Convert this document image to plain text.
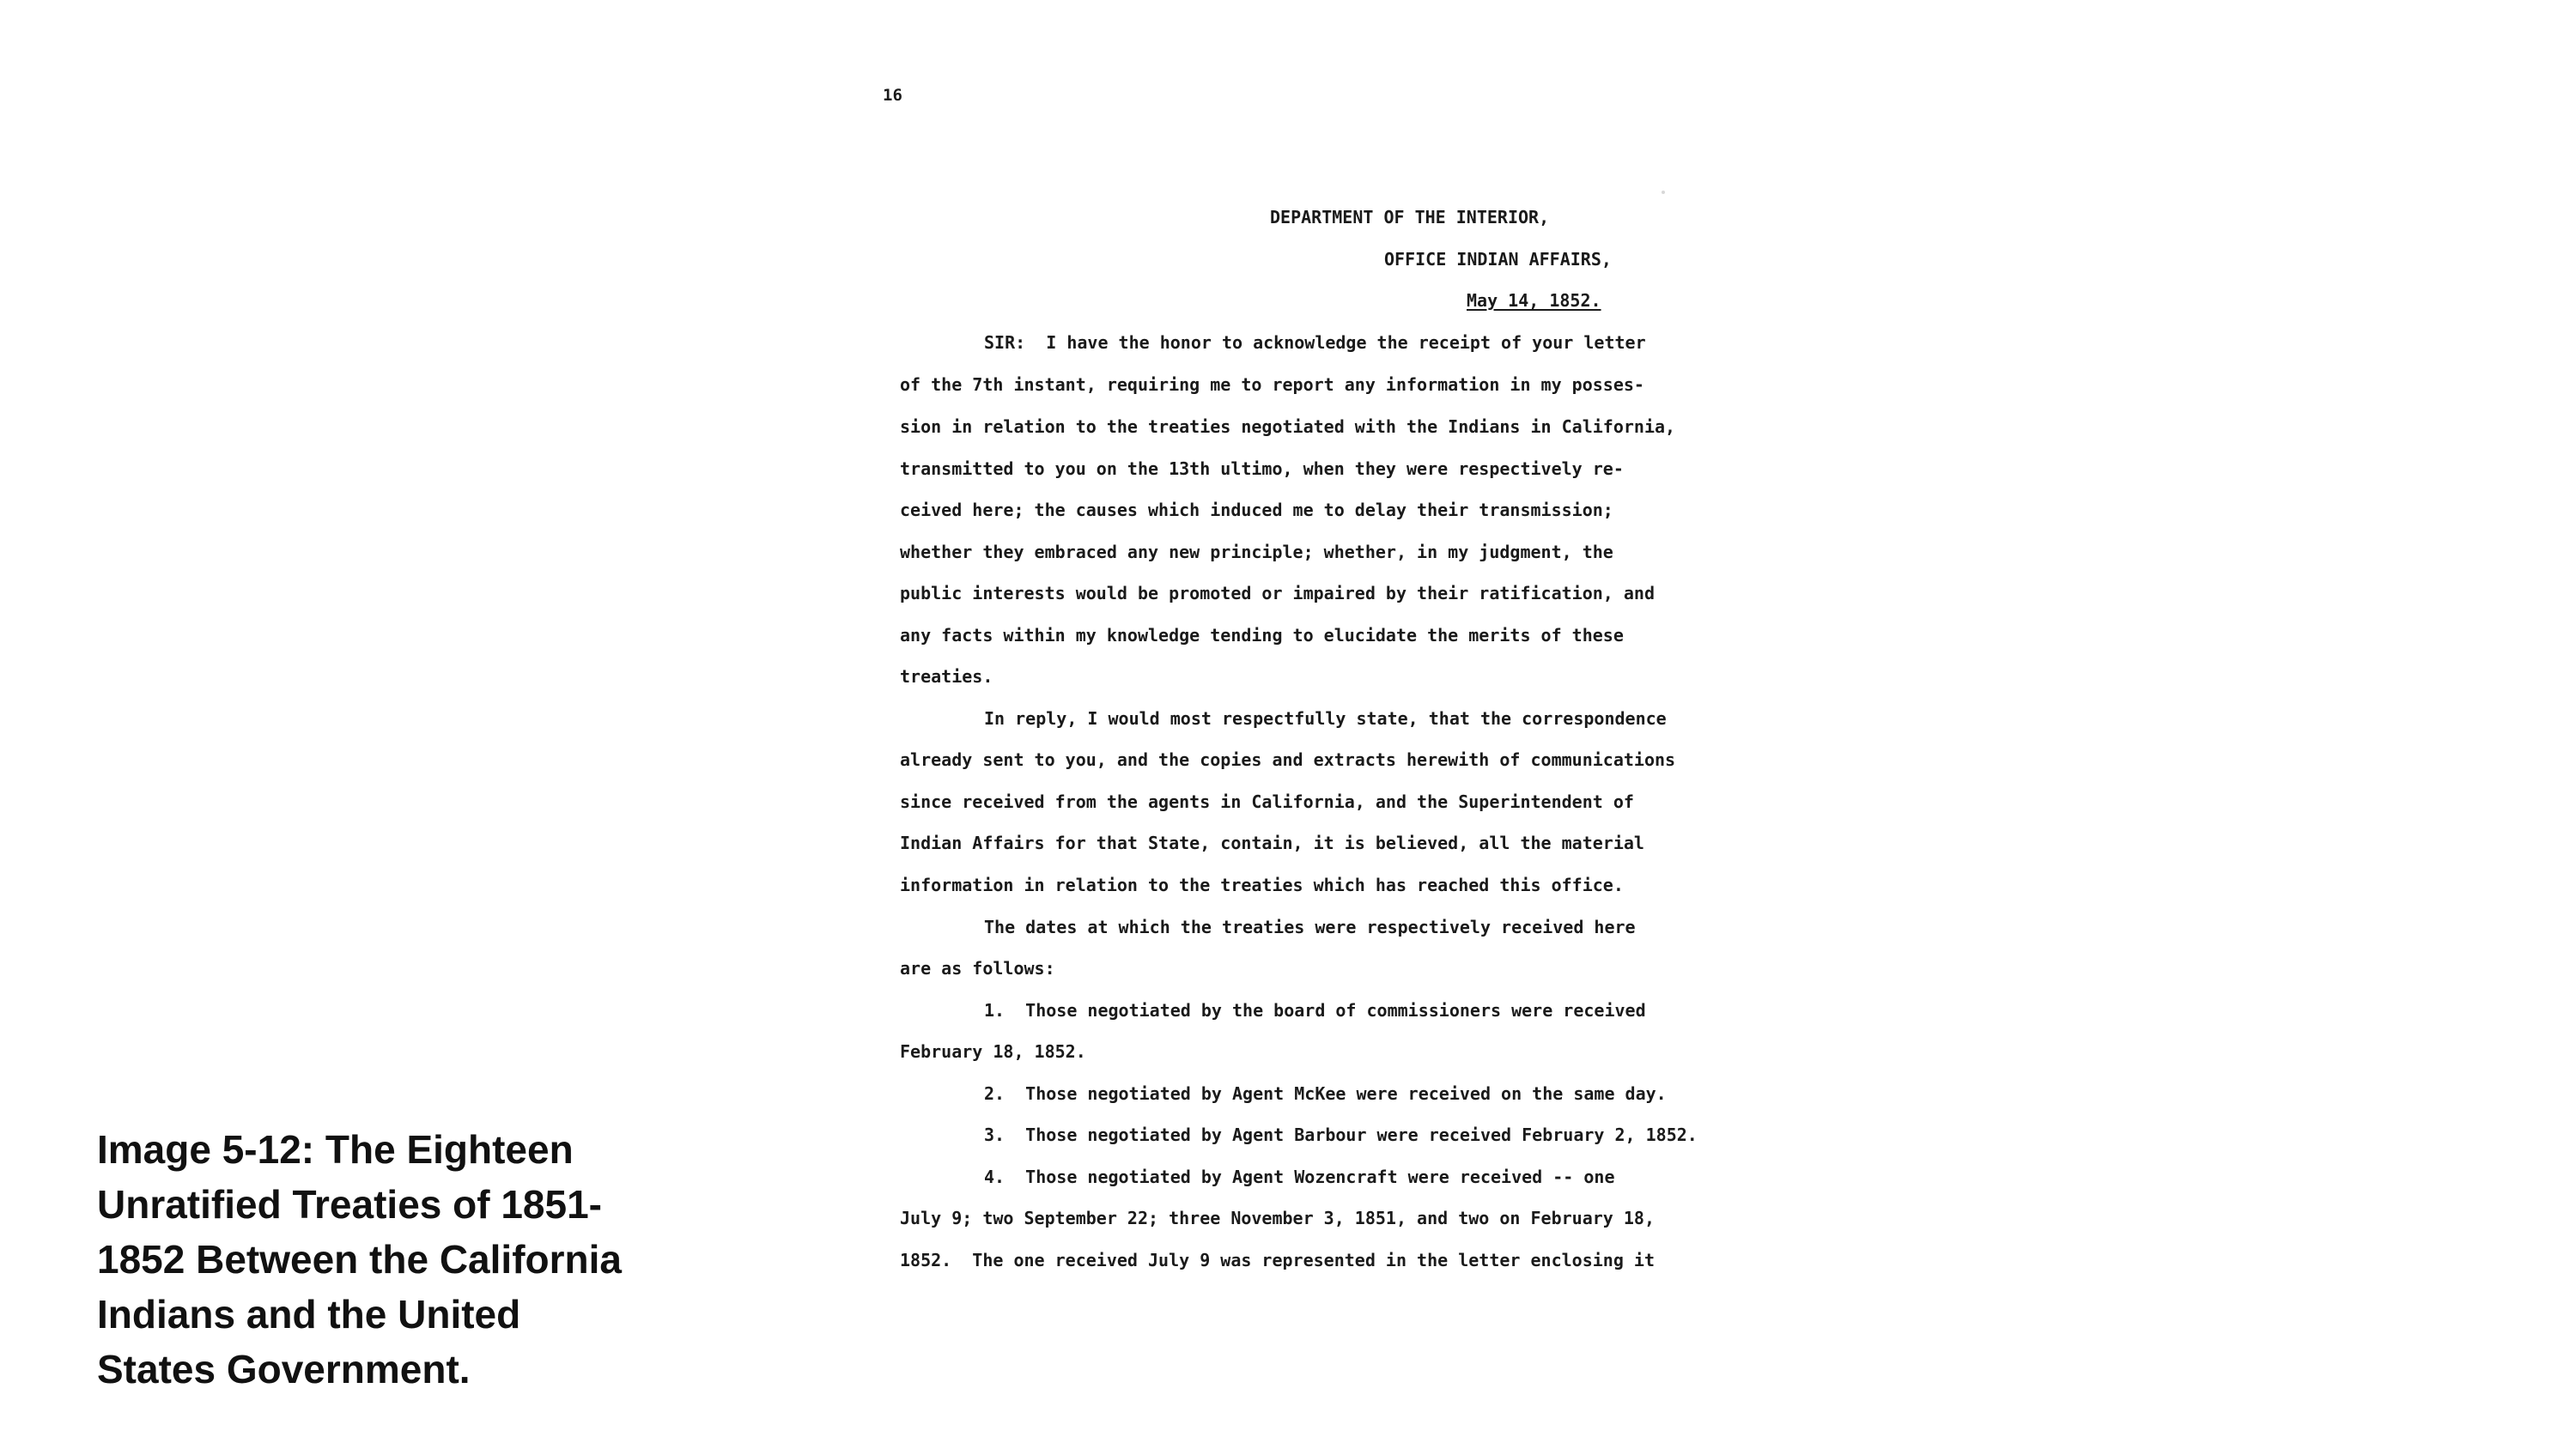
Image 5-12: The Eighteen Unratified Treaties of 1851-1852 Between the California Indians and the United States Government.

16
DEPARTMENT OF THE INTERIOR,
OFFICE INDIAN AFFAIRS,
May 14, 1852.
SIR:  I have the honor to acknowledge the receipt of your letter
of the 7th instant, requiring me to report any information in my posses-
sion in relation to the treaties negotiated with the Indians in California,
transmitted to you on the 13th ultimo, when they were respectively re-
ceived here; the causes which induced me to delay their transmission;
whether they embraced any new principle; whether, in my judgment, the
public interests would be promoted or impaired by their ratification, and
any facts within my knowledge tending to elucidate the merits of these
treaties.
In reply, I would most respectfully state, that the correspondence
already sent to you, and the copies and extracts herewith of communications
since received from the agents in California, and the Superintendent of
Indian Affairs for that State, contain, it is believed, all the material
information in relation to the treaties which has reached this office.
The dates at which the treaties were respectively received here
are as follows:
1.  Those negotiated by the board of commissioners were received
February 18, 1852.
2.  Those negotiated by Agent McKee were received on the same day.
3.  Those negotiated by Agent Barbour were received February 2, 1852.
4.  Those negotiated by Agent Wozencraft were received -- one
July 9; two September 22; three November 3, 1851, and two on February 18,
1852.  The one received July 9 was represented in the letter enclosing it
